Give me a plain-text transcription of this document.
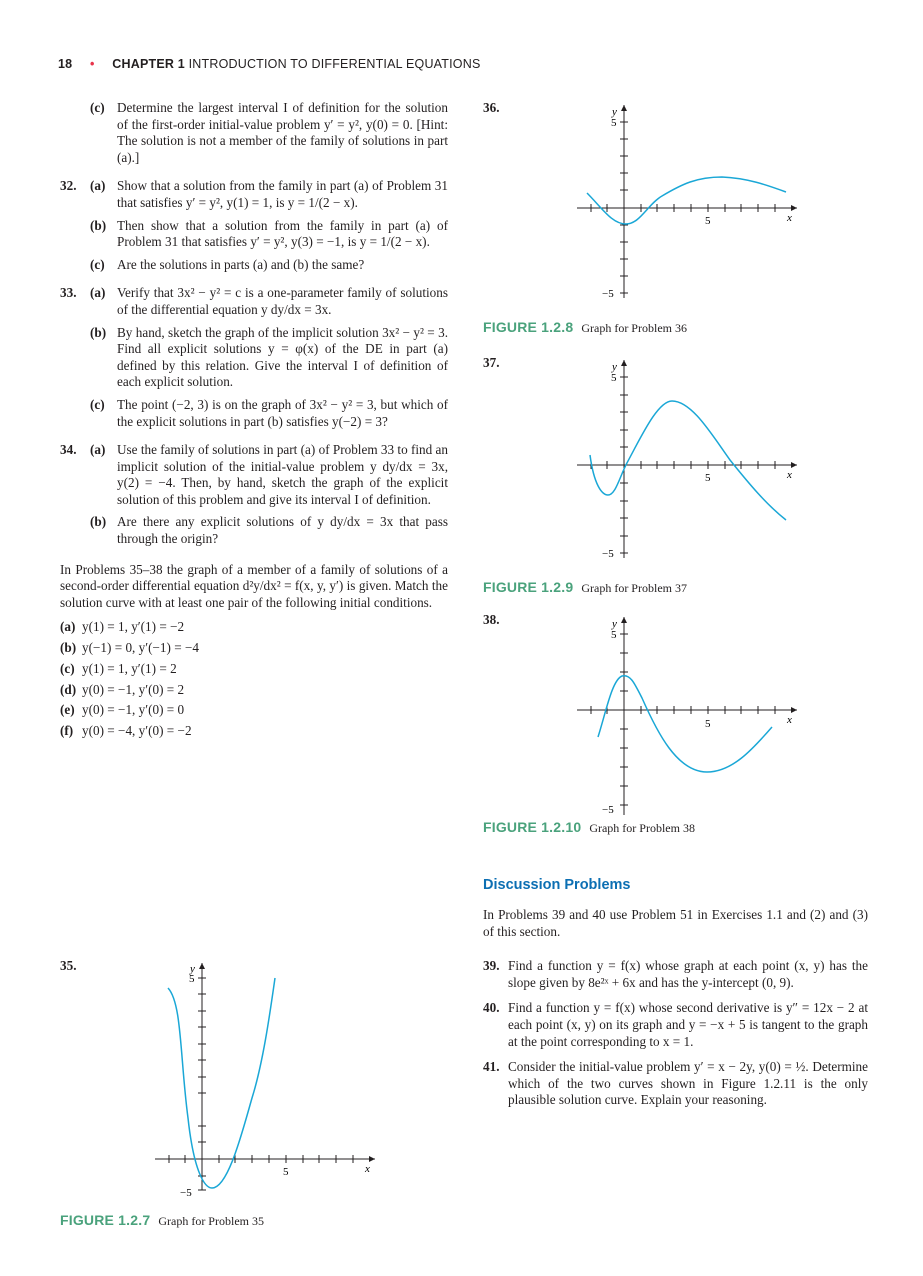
18 • CHAPTER 1 INTRODUCTION TO DIFFERENTIAL EQUATIONS
(c) Determine the largest interval I of definition for the solution of the first-order initial-value problem y′ = y², y(0) = 0. [Hint: The solution is not a member of the family of solutions in part (a).]
32. (a) Show that a solution from the family in part (a) of Problem 31 that satisfies y′ = y², y(1) = 1, is y = 1/(2 − x).
(b) Then show that a solution from the family in part (a) of Problem 31 that satisfies y′ = y², y(3) = −1, is y = 1/(2 − x).
(c) Are the solutions in parts (a) and (b) the same?
33. (a) Verify that 3x² − y² = c is a one-parameter family of solutions of the differential equation y dy/dx = 3x.
(b) By hand, sketch the graph of the implicit solution 3x² − y² = 3. Find all explicit solutions y = φ(x) of the DE in part (a) defined by this relation. Give the interval I of definition of each explicit solution.
(c) The point (−2, 3) is on the graph of 3x² − y² = 3, but which of the explicit solutions in part (b) satisfies y(−2) = 3?
34. (a) Use the family of solutions in part (a) of Problem 33 to find an implicit solution of the initial-value problem y dy/dx = 3x, y(2) = −4. Then, by hand, sketch the graph of the explicit solution of this problem and give its interval I of definition.
(b) Are there any explicit solutions of y dy/dx = 3x that pass through the origin?

In Problems 35–38 the graph of a member of a family of solutions of a second-order differential equation d²y/dx² = f(x, y, y′) is given. Match the solution curve with at least one pair of the following initial conditions.

(a) y(1) = 1, y′(1) = −2
(b) y(−1) = 0, y′(−1) = −4
(c) y(1) = 1, y′(1) = 2
(d) y(0) = −1, y′(0) = 2
(e) y(0) = −1, y′(0) = 0
(f) y(0) = −4, y′(0) = −2
35.	y
5
−5
5	x
FIGURE 1.2.7 Graph for Problem 35
36.	y
5
−5
5	x
FIGURE 1.2.8 Graph for Problem 36
37.	y
5
−5
5	x
FIGURE 1.2.9 Graph for Problem 37
38.	y
5
−5
5	x
FIGURE 1.2.10 Graph for Problem 38
Discussion Problems

In Problems 39 and 40 use Problem 51 in Exercises 1.1 and (2) and (3) of this section.

39. Find a function y = f(x) whose graph at each point (x, y) has the slope given by 8e²ˣ + 6x and has the y-intercept (0, 9).
40. Find a function y = f(x) whose second derivative is y″ = 12x − 2 at each point (x, y) on its graph and y = −x + 5 is tangent to the graph at the point corresponding to x = 1.
41. Consider the initial-value problem y′ = x − 2y, y(0) = ½. Determine which of the two curves shown in Figure 1.2.11 is the only plausible solution curve. Explain your reasoning.
